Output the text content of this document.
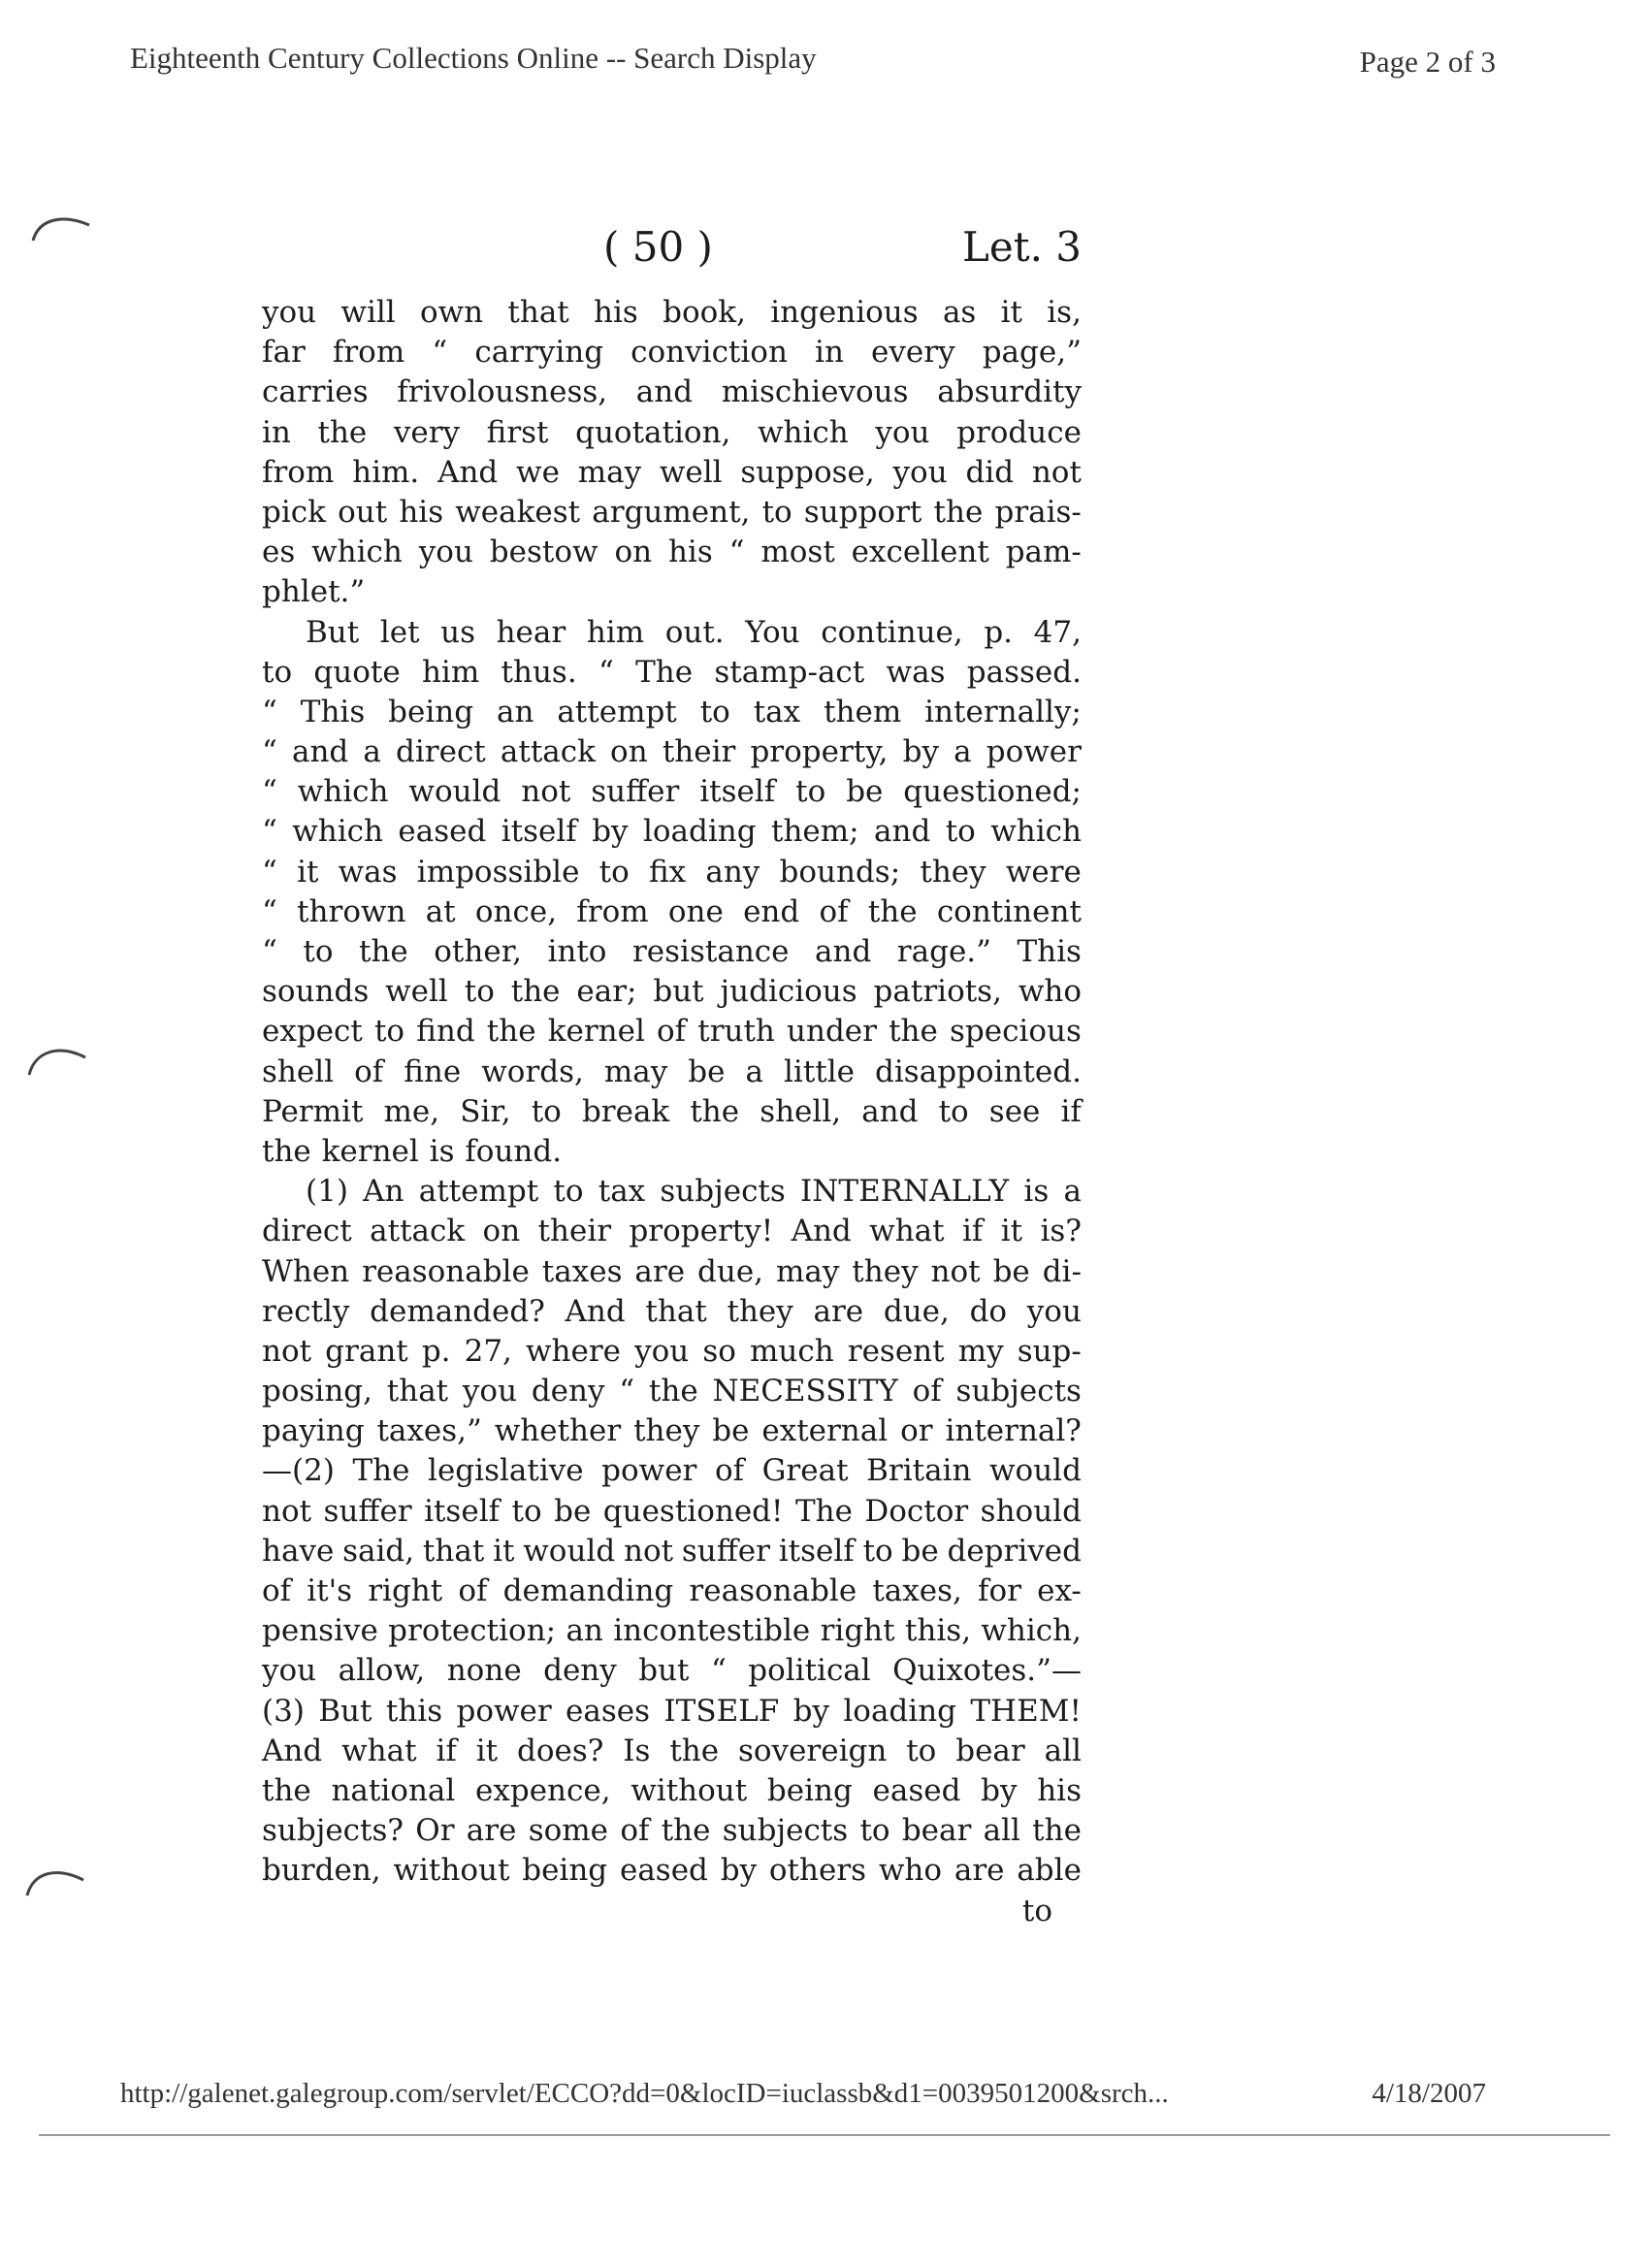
Eighteenth Century Collections Online -- Search Display	Page 2 of 3
( 50 )	Let. 3
you will own that his book, ingenious as it is,
far from “ carrying conviction in every page,”
carries frivolousness, and mischievous absurdity
in the very first quotation, which you produce
from him. And we may well suppose, you did not
pick out his weakest argument, to support the prais-
es which you bestow on his “ most excellent pam-
phlet.”
But let us hear him out. You continue, p. 47,
to quote him thus. “ The stamp-act was passed.
“ This being an attempt to tax them internally;
“ and a direct attack on their property, by a power
“ which would not suffer itself to be questioned;
“ which eased itself by loading them; and to which
“ it was impossible to fix any bounds; they were
“ thrown at once, from one end of the continent
“ to the other, into resistance and rage.” This
sounds well to the ear; but judicious patriots, who
expect to find the kernel of truth under the specious
shell of fine words, may be a little disappointed.
Permit me, Sir, to break the shell, and to see if
the kernel is found.
(1) An attempt to tax subjects INTERNALLY is a
direct attack on their property! And what if it is?
When reasonable taxes are due, may they not be di-
rectly demanded? And that they are due, do you
not grant p. 27, where you so much resent my sup-
posing, that you deny “ the NECESSITY of subjects
paying taxes,” whether they be external or internal?
—(2) The legislative power of Great Britain would
not suffer itself to be questioned! The Doctor should
have said, that it would not suffer itself to be deprived
of it's right of demanding reasonable taxes, for ex-
pensive protection; an incontestible right this, which,
you allow, none deny but “ political Quixotes.”—
(3) But this power eases ITSELF by loading THEM!
And what if it does? Is the sovereign to bear all
the national expence, without being eased by his
subjects? Or are some of the subjects to bear all the
burden, without being eased by others who are able
to
http://galenet.galegroup.com/servlet/ECCO?dd=0&locID=iuclassb&d1=0039501200&srch...	4/18/2007
